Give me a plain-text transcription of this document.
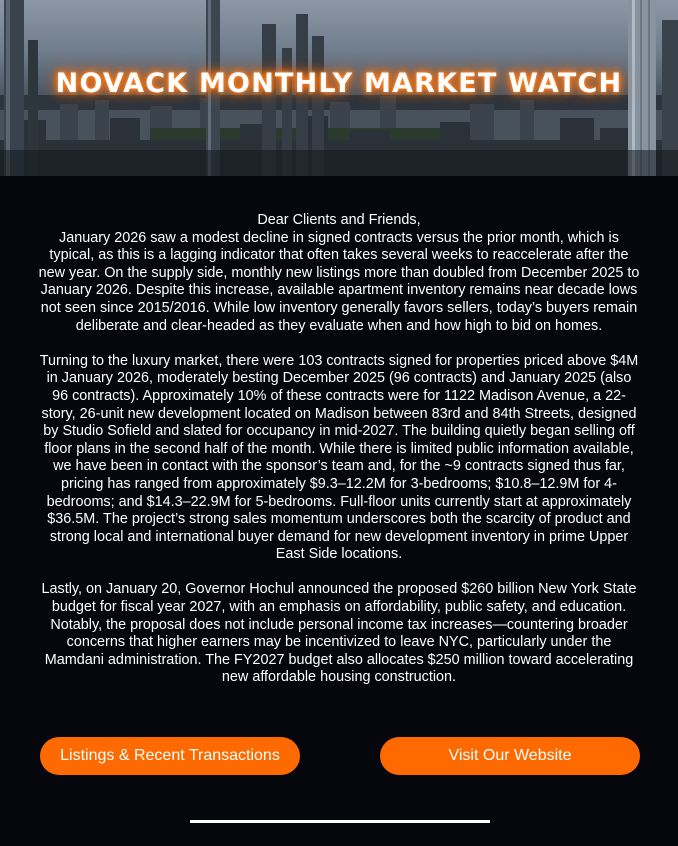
NOVACK MONTHLY MARKET WATCH

Dear Clients and Friends,

January 2026 saw a modest decline in signed contracts versus the prior month, which is typical, as this is a lagging indicator that often takes several weeks to reaccelerate after the new year. On the supply side, monthly new listings more than doubled from December 2025 to January 2026. Despite this increase, available apartment inventory remains near decade lows not seen since 2015/2016. While low inventory generally favors sellers, today’s buyers remain deliberate and clear-headed as they evaluate when and how high to bid on homes.

Turning to the luxury market, there were 103 contracts signed for properties priced above $4M in January 2026, moderately besting December 2025 (96 contracts) and January 2025 (also 96 contracts). Approximately 10% of these contracts were for 1122 Madison Avenue, a 22-story, 26-unit new development located on Madison between 83rd and 84th Streets, designed by Studio Sofield and slated for occupancy in mid-2027. The building quietly began selling off floor plans in the second half of the month. While there is limited public information available, we have been in contact with the sponsor’s team and, for the ~9 contracts signed thus far, pricing has ranged from approximately $9.3–12.2M for 3-bedrooms; $10.8–12.9M for 4-bedrooms; and $14.3–22.9M for 5-bedrooms. Full-floor units currently start at approximately $36.5M. The project’s strong sales momentum underscores both the scarcity of product and strong local and international buyer demand for new development inventory in prime Upper East Side locations.

Lastly, on January 20, Governor Hochul announced the proposed $260 billion New York State budget for fiscal year 2027, with an emphasis on affordability, public safety, and education. Notably, the proposal does not include personal income tax increases—countering broader concerns that higher earners may be incentivized to leave NYC, particularly under the Mamdani administration. The FY2027 budget also allocates $250 million toward accelerating new affordable housing construction.

Listings & Recent Transactions	Visit Our Website
